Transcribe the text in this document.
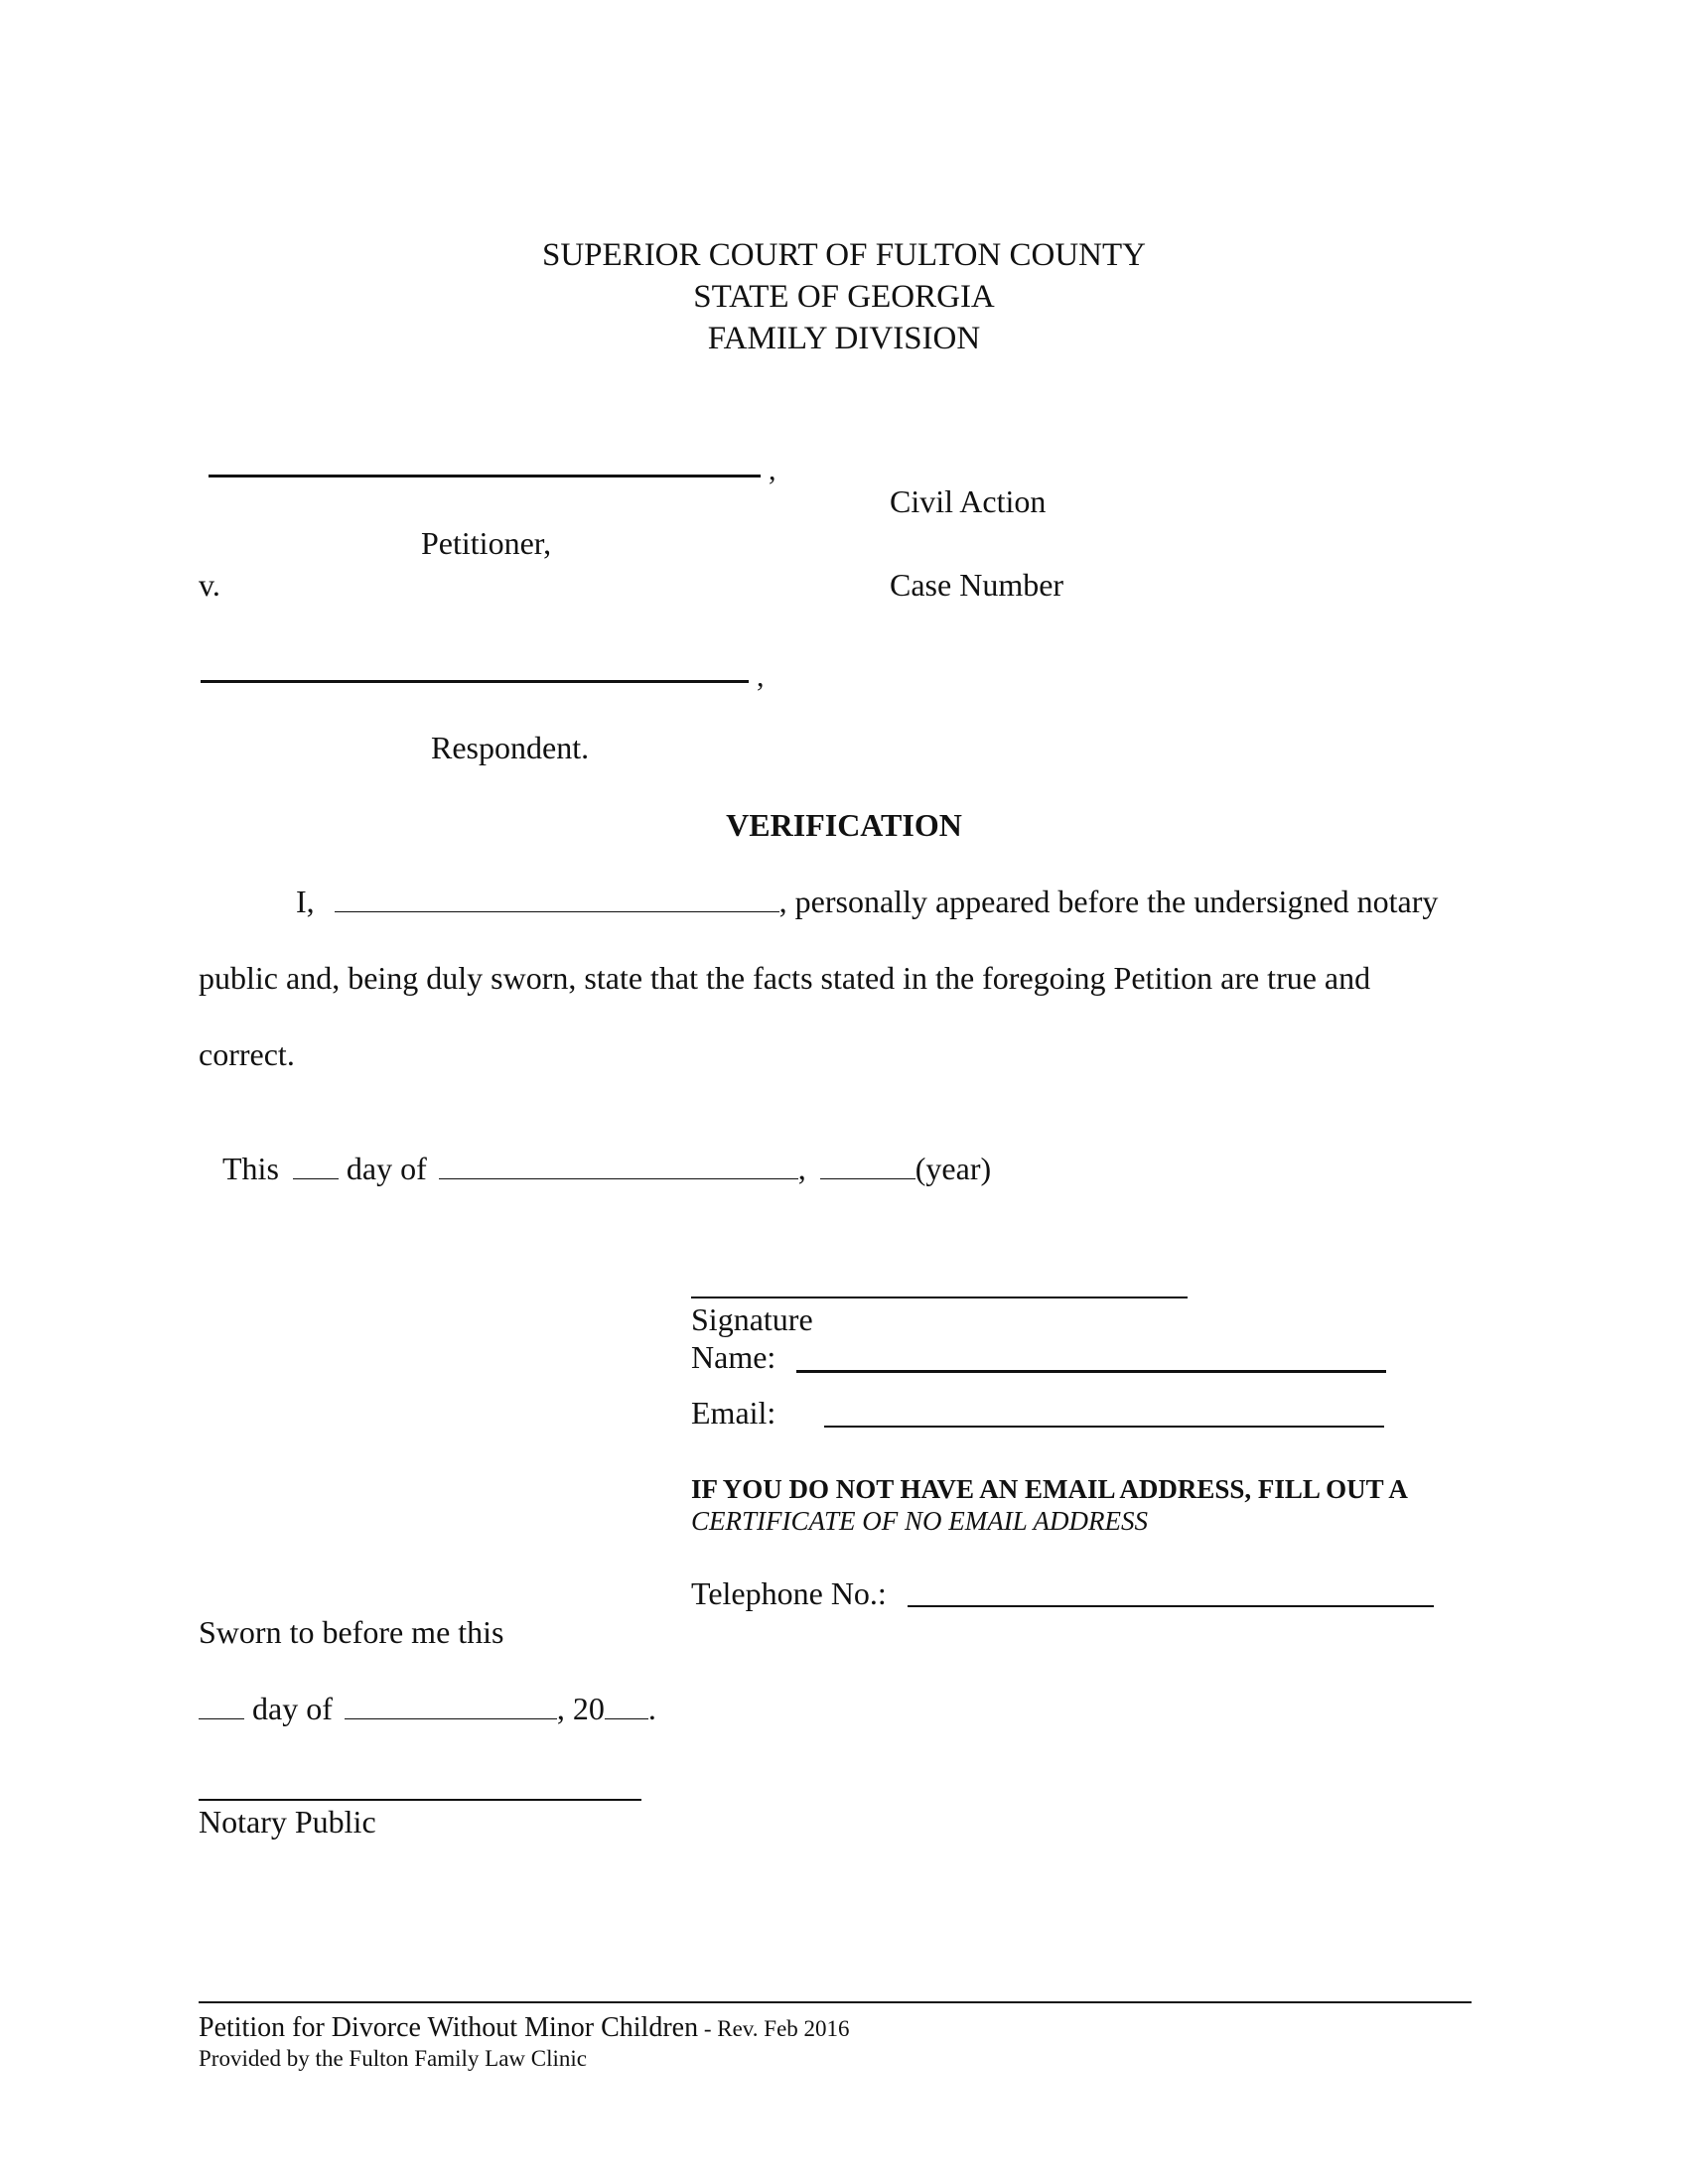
SUPERIOR COURT OF FULTON COUNTY
STATE OF GEORGIA
FAMILY DIVISION
,
Civil Action
Petitioner,
v.	Case Number
,
Respondent.
VERIFICATION
I,	, personally appeared before the undersigned notary
public and, being duly sworn, state that the facts stated in the foregoing Petition are true and
correct.
This day of	,	(year)
Signature
Name:
Email:
IF YOU DO NOT HAVE AN EMAIL ADDRESS, FILL OUT A
CERTIFICATE OF NO EMAIL ADDRESS
Telephone No.:
Sworn to before me this
day of	, 20 .
Notary Public
Petition for Divorce Without Minor Children - Rev. Feb 2016
Provided by the Fulton Family Law Clinic
